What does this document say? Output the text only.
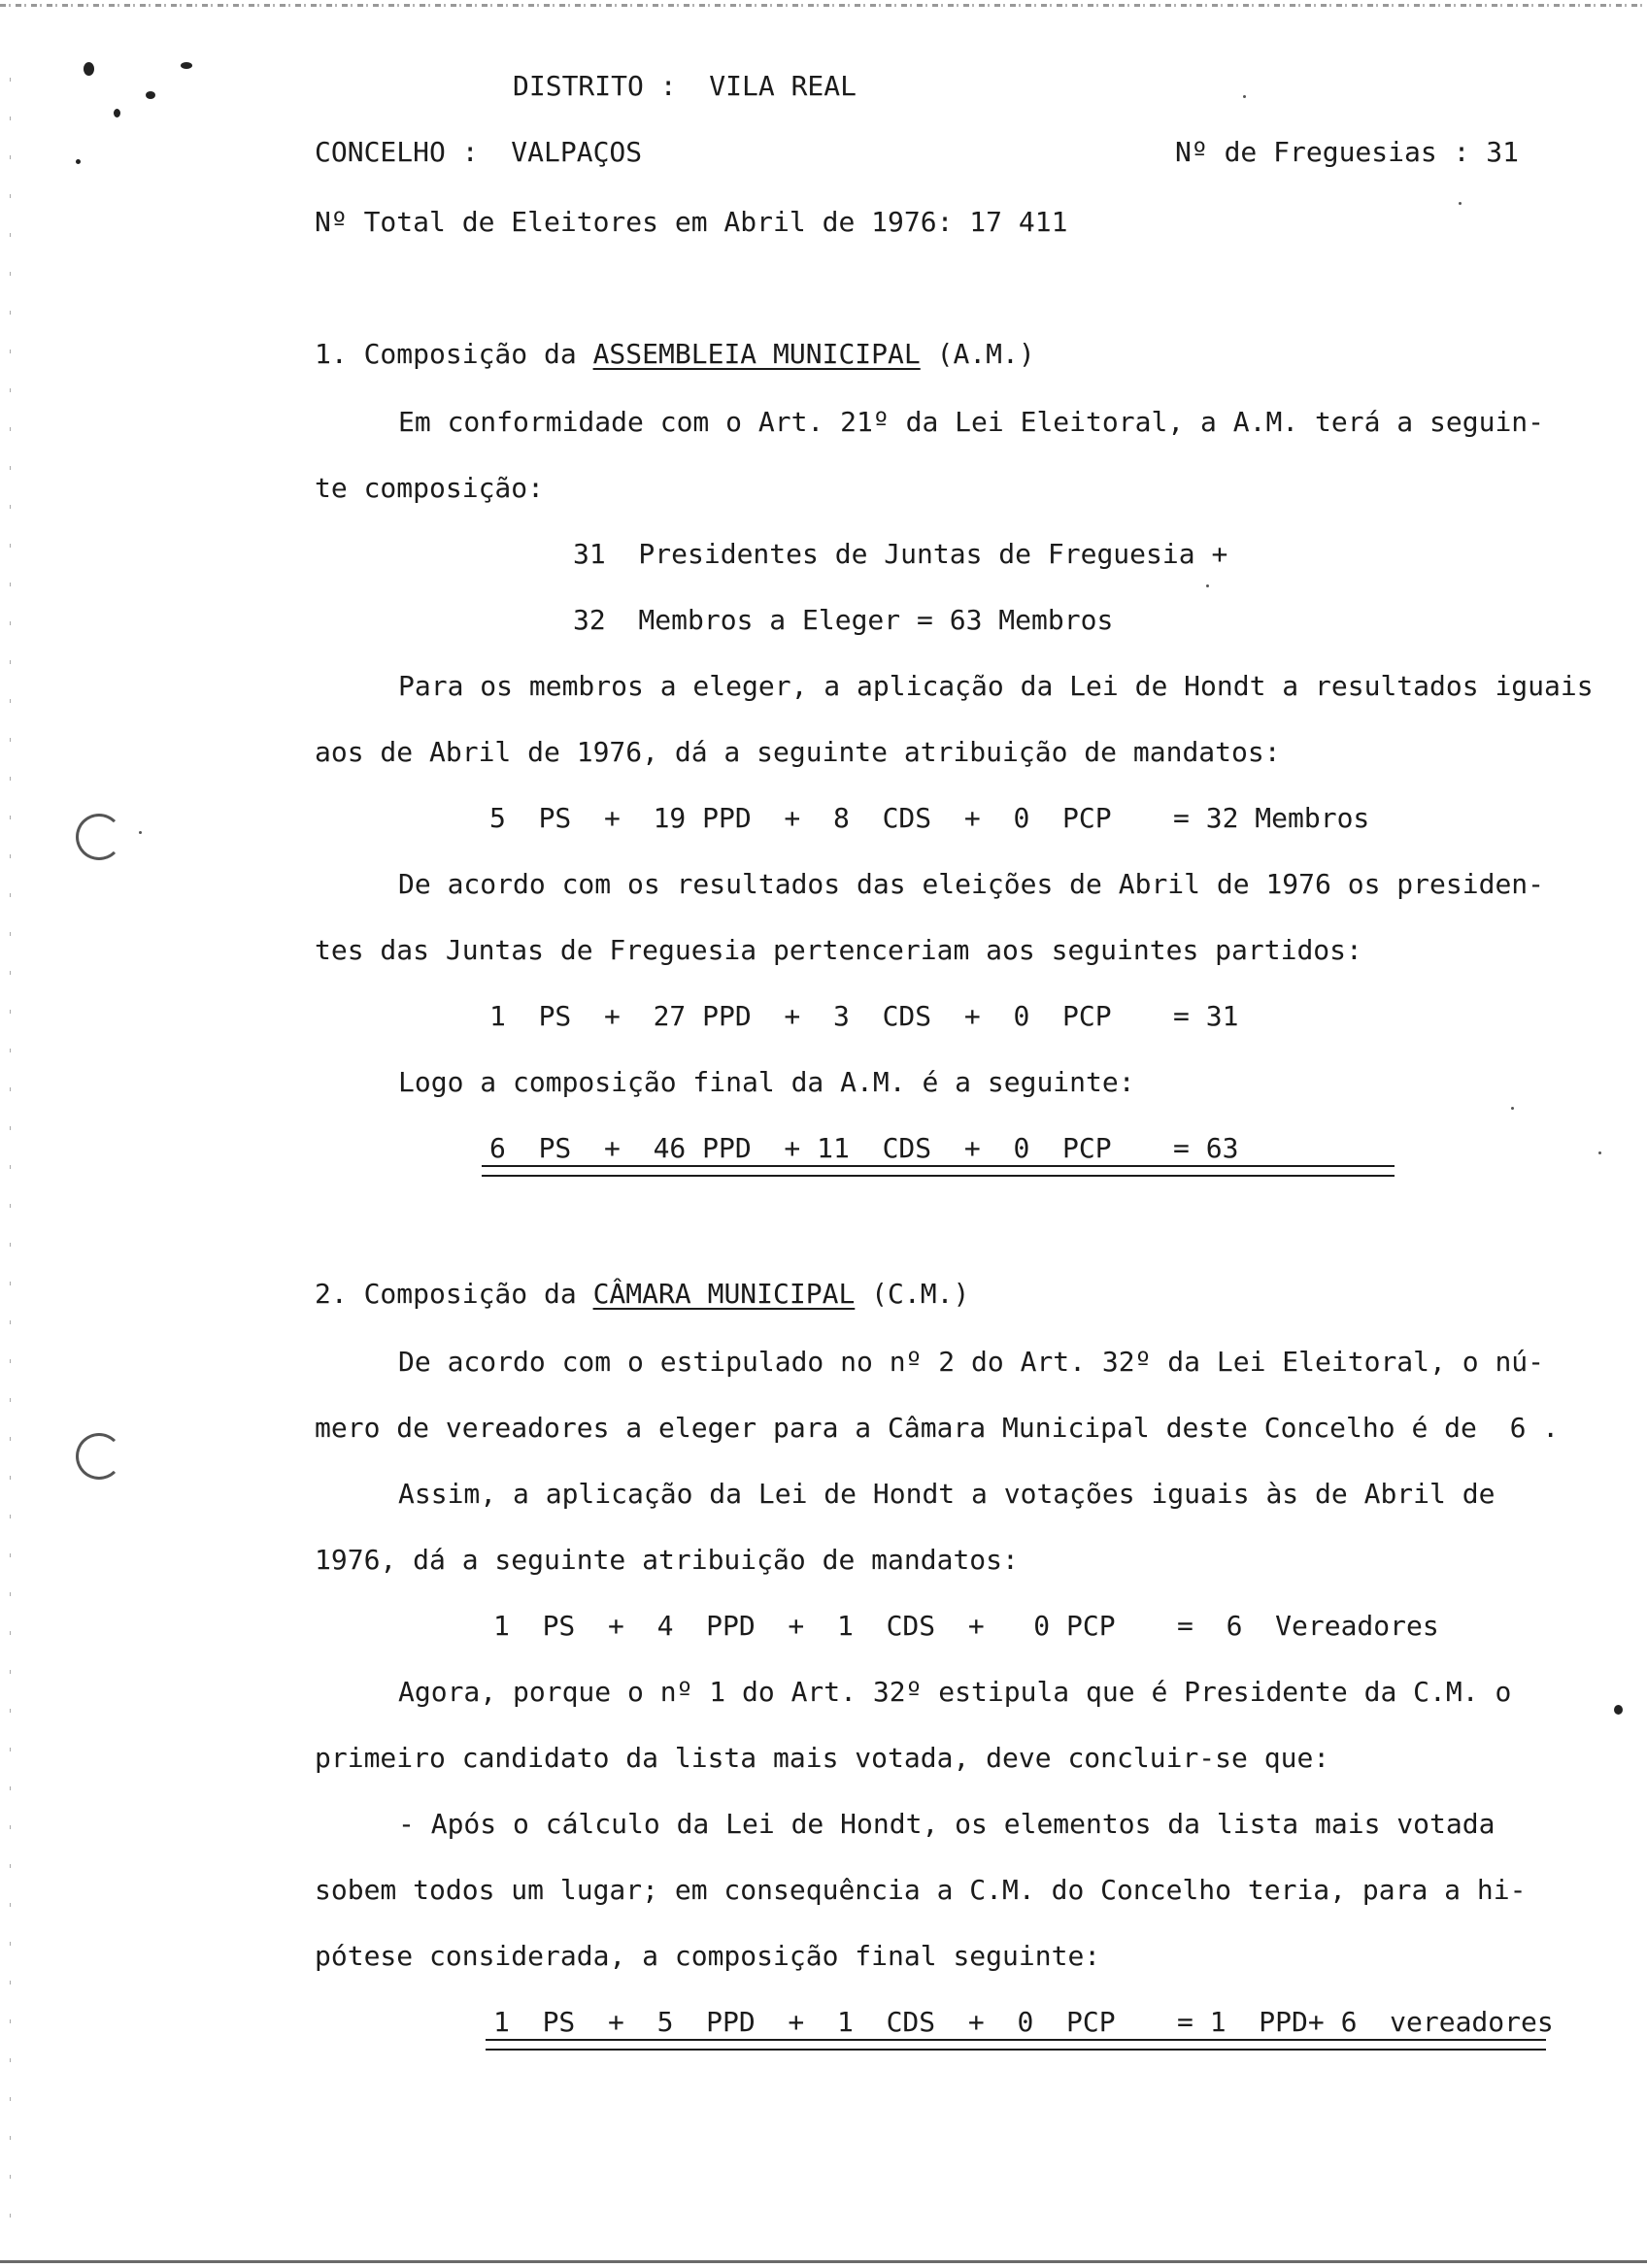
DISTRITO :  VILA REAL
CONCELHO :  VALPAÇOS	Nº de Freguesias : 31
Nº Total de Eleitores em Abril de 1976: 17 411
1. Composição da ASSEMBLEIA MUNICIPAL (A.M.)
Em conformidade com o Art. 21º da Lei Eleitoral, a A.M. terá a seguin-
te composição:
31  Presidentes de Juntas de Freguesia +
32  Membros a Eleger = 63 Membros
Para os membros a eleger, a aplicação da Lei de Hondt a resultados iguais
aos de Abril de 1976, dá a seguinte atribuição de mandatos:
5  PS  +  19 PPD  +  8  CDS  +  0  PCP = 32 Membros
De acordo com os resultados das eleições de Abril de 1976 os presiden-
tes das Juntas de Freguesia pertenceriam aos seguintes partidos:
1  PS  +  27 PPD  +  3  CDS  +  0  PCP = 31
Logo a composição final da A.M. é a seguinte:
6  PS  +  46 PPD  + 11  CDS  +  0  PCP = 63
2. Composição da CÂMARA MUNICIPAL (C.M.)
De acordo com o estipulado no nº 2 do Art. 32º da Lei Eleitoral, o nú-
mero de vereadores a eleger para a Câmara Municipal deste Concelho é de  6 .
Assim, a aplicação da Lei de Hondt a votações iguais às de Abril de
1976, dá a seguinte atribuição de mandatos:
1  PS  +  4  PPD  +  1  CDS  +   0 PCP =  6  Vereadores
Agora, porque o nº 1 do Art. 32º estipula que é Presidente da C.M. o
primeiro candidato da lista mais votada, deve concluir-se que:
- Após o cálculo da Lei de Hondt, os elementos da lista mais votada
sobem todos um lugar; em consequência a C.M. do Concelho teria, para a hi-
pótese considerada, a composição final seguinte:
1  PS  +  5  PPD  +  1  CDS  +  0  PCP = 1  PPD+ 6  vereadores
